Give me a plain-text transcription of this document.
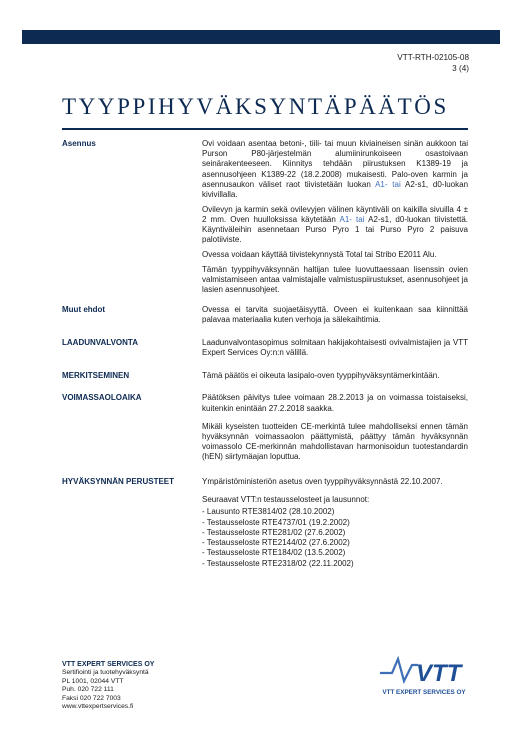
VTT-RTH-02105-08
3 (4)
TYYPPIHYVÄKSYNTÄPÄÄTÖS
Asennus	Ovi voidaan asentaa betoni-, tiili- tai muun kiviaineisen sinän aukkoon tai Purson P80-järjestelmän alumiinirunkoiseen osastoivaan seinärakenteeseen. Kiinnitys tehdään piirustuksen K1389-19 ja asennusohjeen K1389-22 (18.2.2008) mukaisesti. Palo-oven karmin ja asennusaukon väliset raot tiivistetään luokan A1- tai A2-s1, d0-luokan kivivillalla.

Ovilevyn ja karmin sekä ovilevyjen välinen käyntiväli on kaikilla sivuilla 4 ± 2 mm. Oven huulloksissa käytetään A1- tai A2-s1, d0-luokan tiivistettä. Käyntiväleihin asennetaan Purso Pyro 1 tai Purso Pyro 2 paisuva palotiiviste.

Ovessa voidaan käyttää tiivistekynnystä Total tai Stribo E2011 Alu.

Tämän tyyppihyväksynnän haltijan tulee luovuttaessaan lisenssin ovien valmistamiseen antaa valmistajalle valmistuspiirustukset, asennusohjeet ja lasien asennusohjeet.

Muut ehdot	Ovessa ei tarvita suojaetäisyyttä. Oveen ei kuitenkaan saa kiinnittää palavaa materiaalia kuten verhoja ja sälekaihtimia.

LAADUNVALVONTA	Laadunvalvontasopimus solmitaan hakijakohtaisesti ovivalmistajien ja VTT Expert Services Oy:n:n välillä.

MERKITSEMINEN	Tämä päätös ei oikeuta lasipalo-oven tyyppihyväksyntämerkintään.

VOIMASSAOLOAIKA	Päätöksen päivitys tulee voimaan 28.2.2013 ja on voimassa toistaiseksi, kuitenkin enintään 27.2.2018 saakka.

Mikäli kyseisten tuotteiden CE-merkintä tulee mahdolliseksi ennen tämän hyväksynnän voimassaolon päättymistä, päättyy tämän hyväksynnän voimassolo CE-merkinnän mahdollistavan harmonisoidun tuotestandardin (hEN) siirtymäajan loputtua.

HYVÄKSYNNÄN PERUSTEET	Ympäristöministeriön asetus oven tyyppihyväksynnästä 22.10.2007.

Seuraavat VTT:n testausselosteet ja lausunnot:

- Lausunto RTE3814/02 (28.10.2002)
- Testausseloste RTE4737/01 (19.2.2002)
- Testausseloste RTE281/02 (27.6.2002)
- Testausseloste RTE2144/02 (27.6.2002)
- Testausseloste RTE184/02 (13.5.2002)
- Testausseloste RTE2318/02 (22.11.2002)
VTT EXPERT SERVICES OY
Sertifiointi ja tuotehyväksyntä
PL 1001, 02044 VTT
Puh. 020 722 111
Faksi 020 722 7003
www.vttexpertservices.fi
VTT
VTT EXPERT SERVICES OY
